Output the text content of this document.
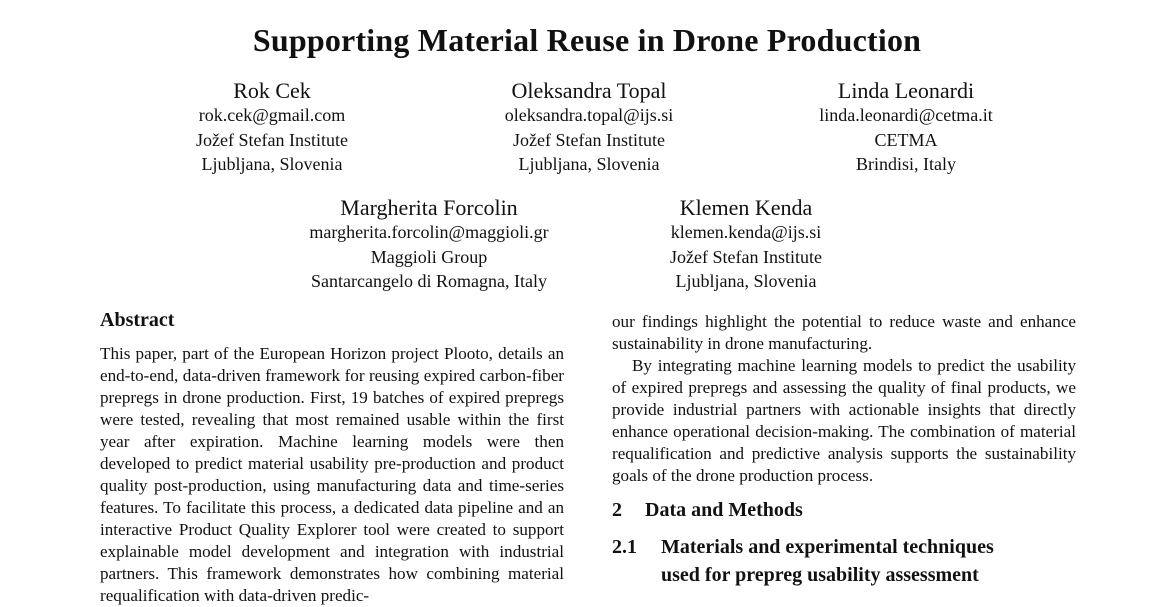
Supporting Material Reuse in Drone Production
Rok Cek
rok.cek@gmail.com
Jožef Stefan Institute
Ljubljana, Slovenia
Oleksandra Topal
oleksandra.topal@ijs.si
Jožef Stefan Institute
Ljubljana, Slovenia
Linda Leonardi
linda.leonardi@cetma.it
CETMA
Brindisi, Italy
Margherita Forcolin
margherita.forcolin@maggioli.gr
Maggioli Group
Santarcangelo di Romagna, Italy
Klemen Kenda
klemen.kenda@ijs.si
Jožef Stefan Institute
Ljubljana, Slovenia
Abstract

This paper, part of the European Horizon project Plooto, details an end-to-end, data-driven framework for reusing expired carbon-fiber prepregs in drone production. First, 19 batches of expired prepregs were tested, revealing that most remained usable within the first year after expiration. Machine learning models were then developed to predict material usability pre-production and product quality post-production, using manufacturing data and time-series features. To facilitate this process, a dedicated data pipeline and an interactive Product Quality Explorer tool were created to support explainable model development and integration with industrial partners. This framework demonstrates how combining material requalification with data-driven predic-

our findings highlight the potential to reduce waste and enhance sustainability in drone manufacturing.

By integrating machine learning models to predict the usability of expired prepregs and assessing the quality of final products, we provide industrial partners with actionable insights that directly enhance operational decision-making. The combination of material requalification and predictive analysis supports the sustainability goals of the drone production process.

2 Data and Methods
2.1 Materials and experimental techniques
used for prepreg usability assessment
